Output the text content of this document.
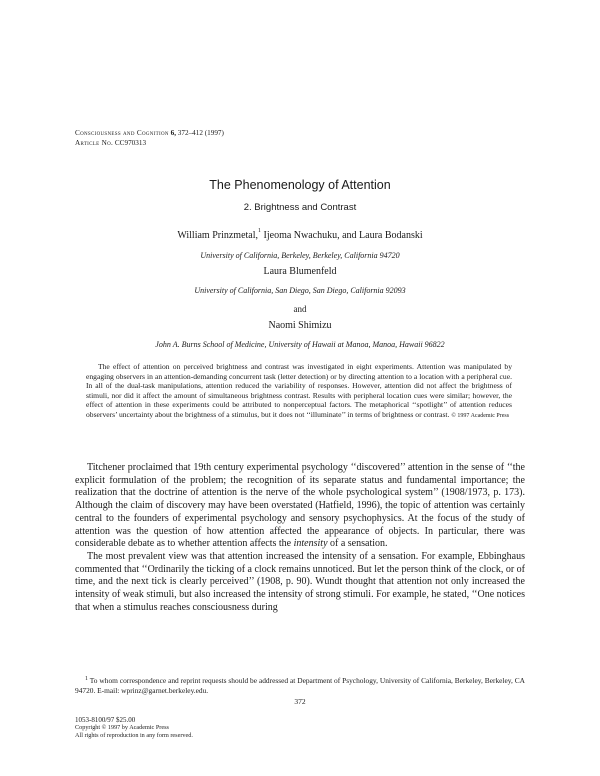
Consciousness and Cognition 6, 372–412 (1997)
Article No. CC970313
The Phenomenology of Attention
2. Brightness and Contrast
William Prinzmetal,$^1$ Ijeoma Nwachuku, and Laura Bodanski
University of California, Berkeley, Berkeley, California 94720
Laura Blumenfeld
University of California, San Diego, San Diego, California 92093
and
Naomi Shimizu
John A. Burns School of Medicine, University of Hawaii at Manoa, Manoa, Hawaii 96822

The effect of attention on perceived brightness and contrast was investigated in eight experiments. Attention was manipulated by engaging observers in an attention-demanding concurrent task (letter detection) or by directing attention to a location with a peripheral cue. In all of the dual-task manipulations, attention reduced the variability of responses. However, attention did not affect the brightness of stimuli, nor did it affect the amount of simultaneous brightness contrast. Results with peripheral location cues were similar; however, the effect of attention in these experiments could be attributed to nonperceptual factors. The metaphorical ‘‘spotlight’’ of attention reduces observers’ uncertainty about the brightness of a stimulus, but it does not ‘‘illuminate’’ in terms of brightness or contrast. © 1997 Academic Press

Titchener proclaimed that 19th century experimental psychology ‘‘discovered’’ attention in the sense of ‘‘the explicit formulation of the problem; the recognition of its separate status and fundamental importance; the realization that the doctrine of attention is the nerve of the whole psychological system’’ (1908/1973, p. 173). Although the claim of discovery may have been overstated (Hatfield, 1996), the topic of attention was certainly central to the founders of experimental psychology and sensory psychophysics. At the focus of the study of attention was the question of how attention affected the appearance of objects. In particular, there was considerable debate as to whether attention affects the intensity of a sensation.

The most prevalent view was that attention increased the intensity of a sensation. For example, Ebbinghaus commented that ‘‘Ordinarily the ticking of a clock remains unnoticed. But let the person think of the clock, or of time, and the next tick is clearly perceived’’ (1908, p. 90). Wundt thought that attention not only increased the intensity of weak stimuli, but also increased the intensity of strong stimuli. For example, he stated, ‘‘One notices that when a stimulus reaches consciousness during

$^1$ To whom correspondence and reprint requests should be addressed at Department of Psychology, University of California, Berkeley, Berkeley, CA 94720. E-mail: wprinz@garnet.berkeley.edu.

372
1053-8100/97 $25.00
Copyright © 1997 by Academic Press
All rights of reproduction in any form reserved.
